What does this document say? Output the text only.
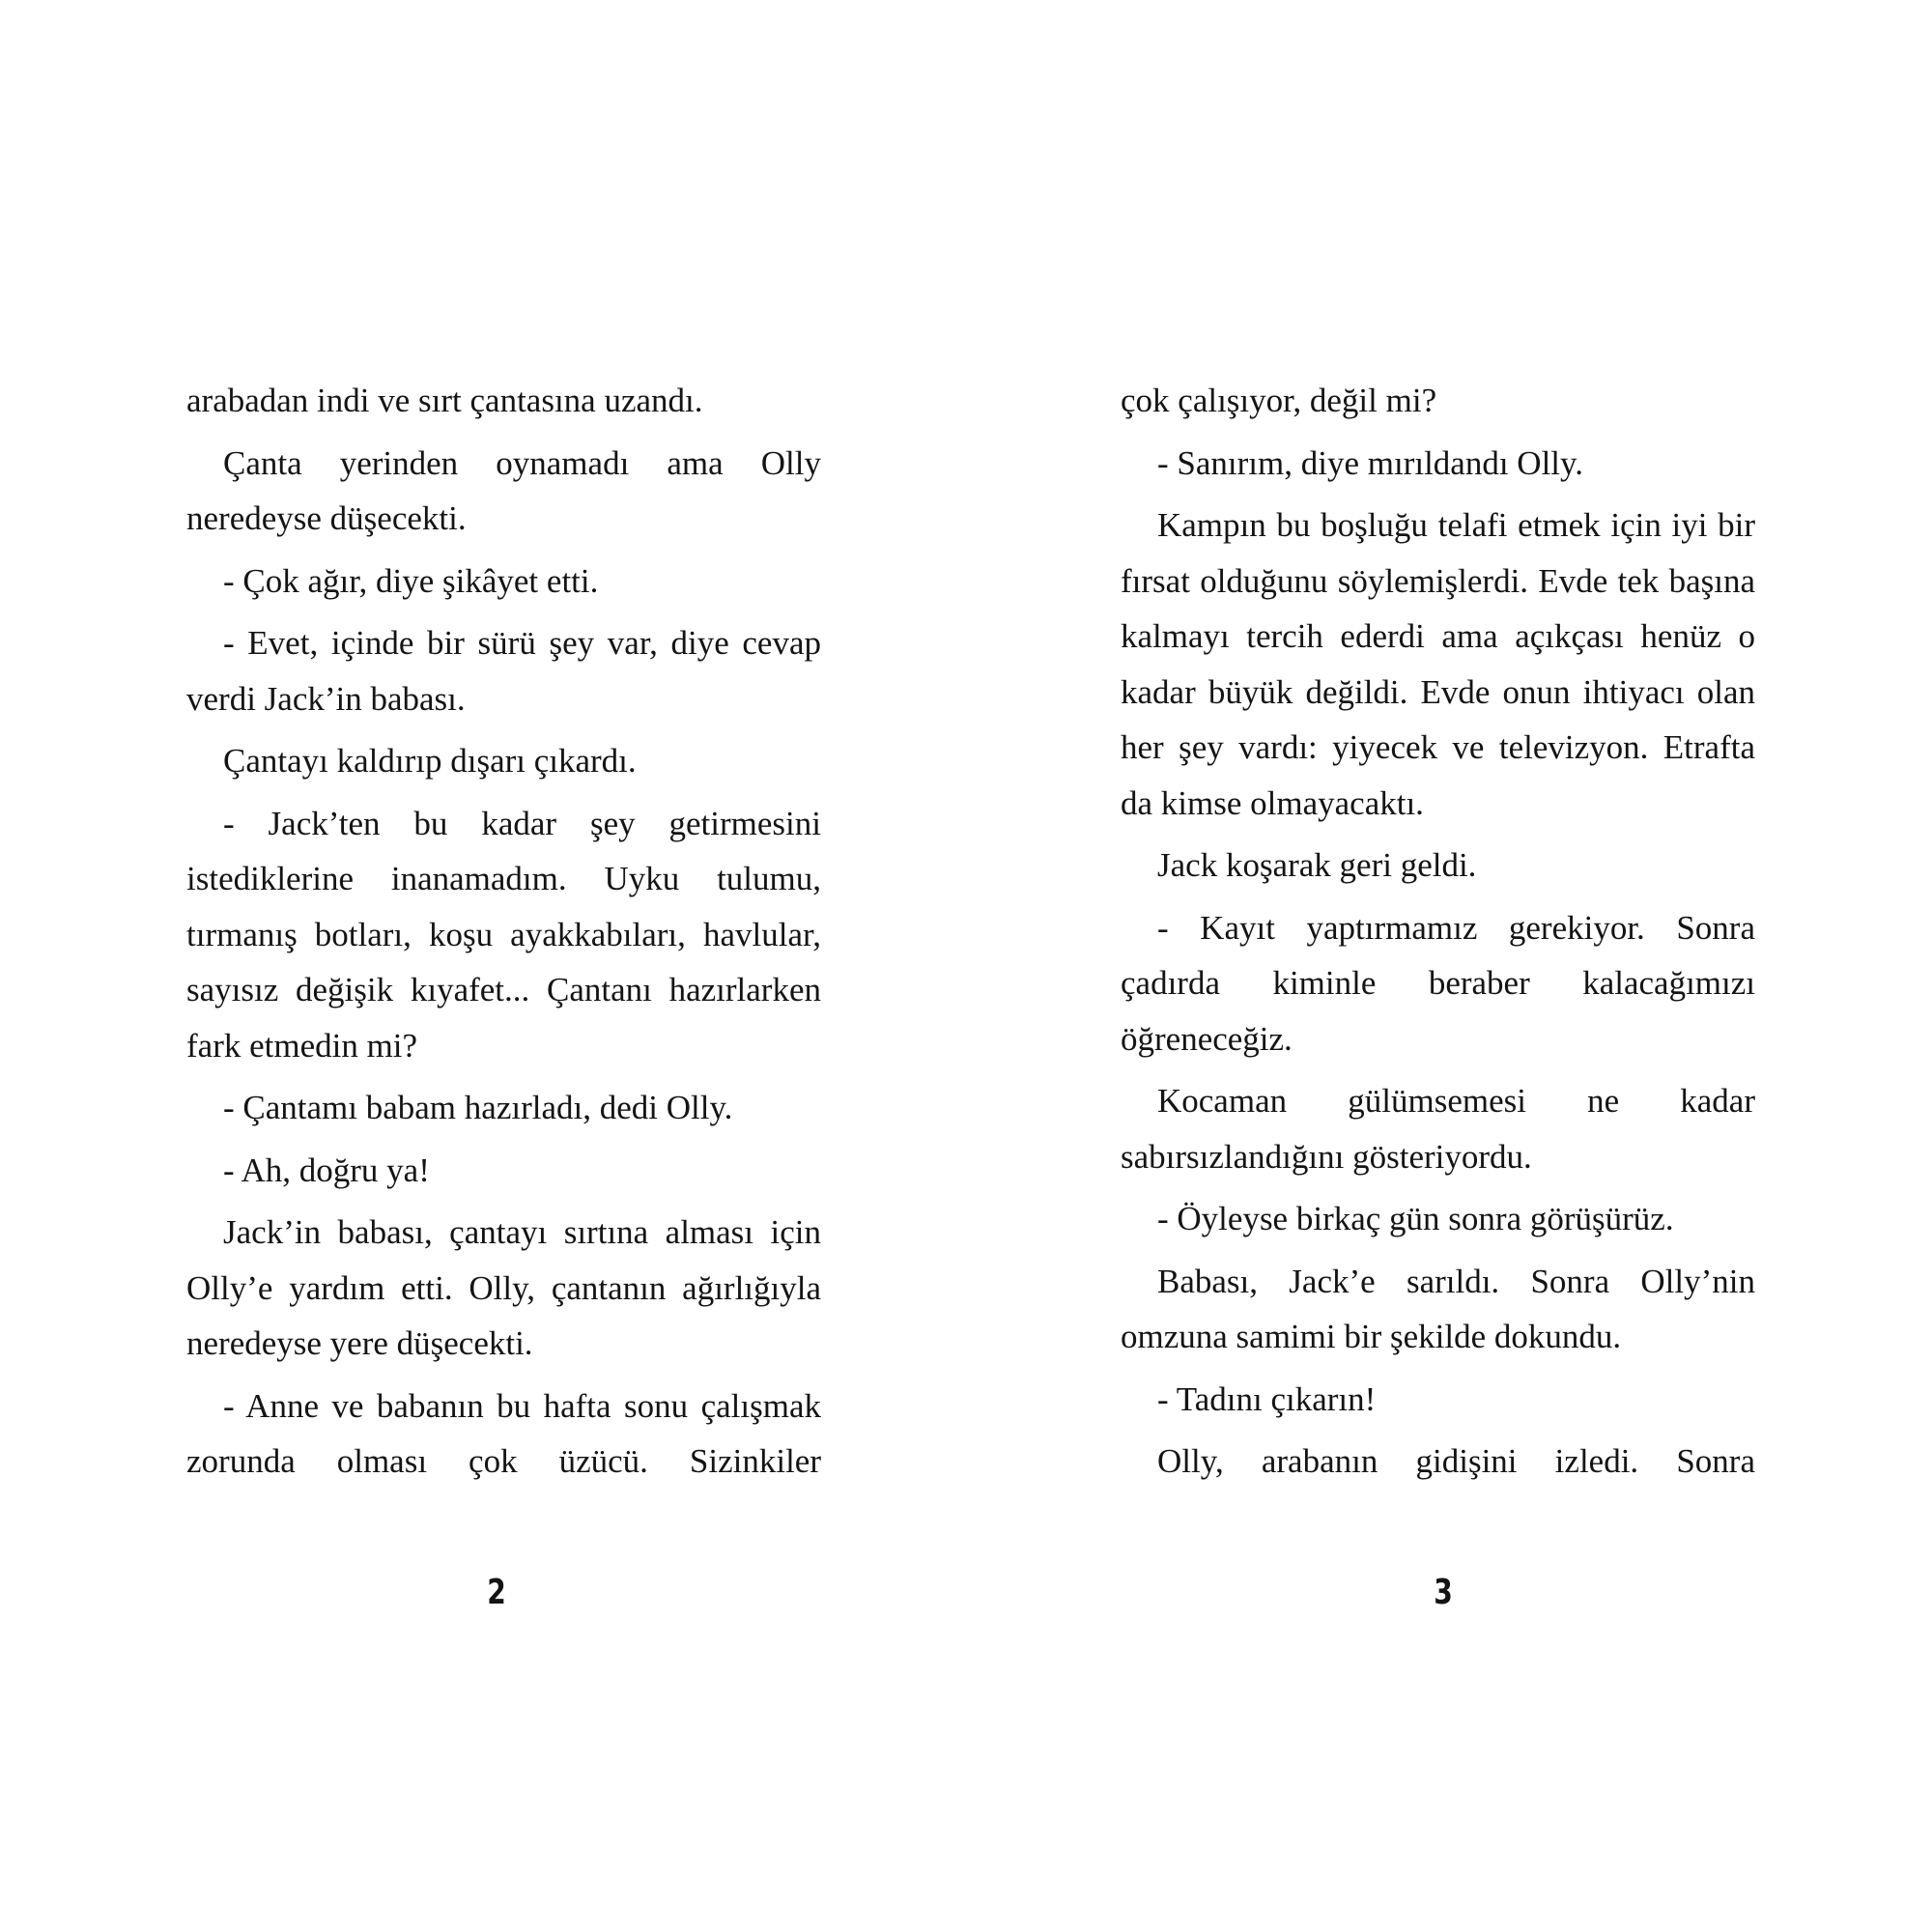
arabadan indi ve sırt çantasına uzandı.

Çanta yerinden oynamadı ama Olly neredeyse düşecekti.

- Çok ağır, diye şikâyet etti.

- Evet, içinde bir sürü şey var, diye cevap verdi Jack’in babası.

Çantayı kaldırıp dışarı çıkardı.

- Jack’ten bu kadar şey getirmesini istediklerine inanamadım. Uyku tulumu, tırmanış botları, koşu ayakkabıları, havlular, sayısız değişik kıyafet... Çantanı hazırlarken fark etmedin mi?

- Çantamı babam hazırladı, dedi Olly.

- Ah, doğru ya!

Jack’in babası, çantayı sırtına alması için Olly’e yardım etti. Olly, çantanın ağırlığıyla neredeyse yere düşecekti.

- Anne ve babanın bu hafta sonu çalışmak zorunda olması çok üzücü. Sizinkiler

çok çalışıyor, değil mi?

- Sanırım, diye mırıldandı Olly.

Kampın bu boşluğu telafi etmek için iyi bir fırsat olduğunu söylemişlerdi. Evde tek başına kalmayı tercih ederdi ama açıkçası henüz o kadar büyük değildi. Evde onun ihtiyacı olan her şey vardı: yiyecek ve televizyon. Etrafta da kimse olmayacaktı.

Jack koşarak geri geldi.

- Kayıt yaptırmamız gerekiyor. Sonra çadırda kiminle beraber kalacağımızı öğreneceğiz.

Kocaman gülümsemesi ne kadar sabırsızlandığını gösteriyordu.

- Öyleyse birkaç gün sonra görüşürüz.

Babası, Jack’e sarıldı. Sonra Olly’nin omzuna samimi bir şekilde dokundu.

- Tadını çıkarın!

Olly, arabanın gidişini izledi. Sonra

2	3
